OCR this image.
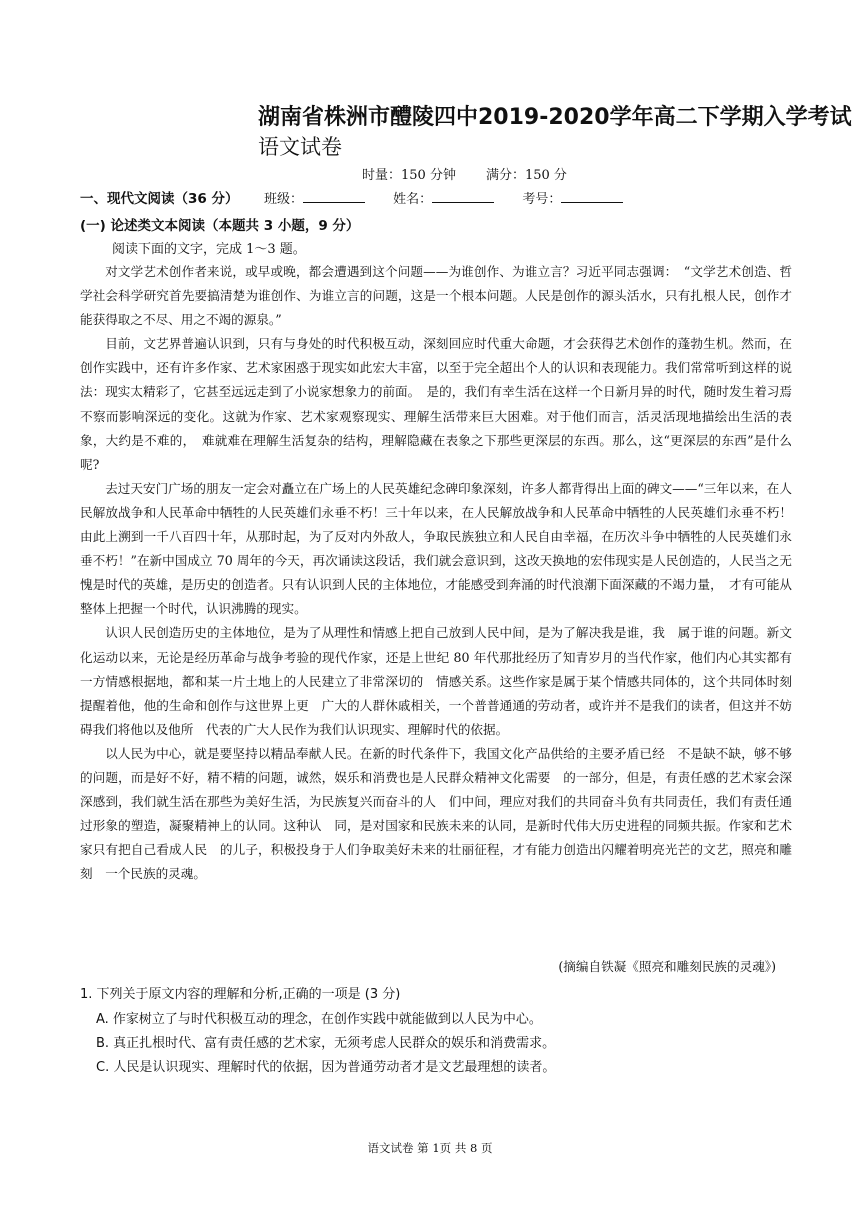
湖南省株洲市醴陵四中2019-2020学年高二下学期入学考试
语文试卷
时量：150 分钟 满分：150 分
一、现代文阅读（36 分） 班级：	姓名：	考号：
(一) 论述类文本阅读（本题共 3 小题，9 分）
阅读下面的文字，完成 1～3 题。

对文学艺术创作者来说，或早或晚，都会遭遇到这个问题——为谁创作、为谁立言？习近平同志强调：　“文学艺术创造、哲学社会科学研究首先要搞清楚为谁创作、为谁立言的问题，这是一个根本问题。人民是创作的源头活水，只有扎根人民，创作才能获得取之不尽、用之不竭的源泉。”

目前，文艺界普遍认识到，只有与身处的时代积极互动，深刻回应时代重大命题，才会获得艺术创作的蓬勃生机。然而，在创作实践中，还有许多作家、艺术家困惑于现实如此宏大丰富，以至于完全超出个人的认识和表现能力。我们常常听到这样的说法：现实太精彩了，它甚至远远走到了小说家想象力的前面。　是的，我们有幸生活在这样一个日新月异的时代，随时发生着习焉不察而影响深远的变化。这就为作家、艺术家观察现实、理解生活带来巨大困难。对于他们而言，活灵活现地描绘出生活的表象，大约是不难的，　难就难在理解生活复杂的结构，理解隐藏在表象之下那些更深层的东西。那么，这“更深层的东西”是什么呢?

去过天安门广场的朋友一定会对矗立在广场上的人民英雄纪念碑印象深刻，许多人都背得出上面的碑文——“三年以来，在人民解放战争和人民革命中牺牲的人民英雄们永垂不朽！三十年以来，在人民解放战争和人民革命中牺牲的人民英雄们永垂不朽！由此上溯到一千八百四十年，从那时起，为了反对内外敌人，争取民族独立和人民自由幸福，在历次斗争中牺牲的人民英雄们永垂不朽！”在新中国成立 70 周年的今天，再次诵读这段话，我们就会意识到，这改天换地的宏伟现实是人民创造的，人民当之无愧是时代的英雄，是历史的创造者。只有认识到人民的主体地位，才能感受到奔涌的时代浪潮下面深藏的不竭力量，　才有可能从整体上把握一个时代，认识沸腾的现实。

认识人民创造历史的主体地位，是为了从理性和情感上把自己放到人民中间，是为了解决我是谁，我　属于谁的问题。新文化运动以来，无论是经历革命与战争考验的现代作家，还是上世纪 80 年代那批经历了知青岁月的当代作家，他们内心其实都有一方情感根据地，都和某一片土地上的人民建立了非常深切的　情感关系。这些作家是属于某个情感共同体的，这个共同体时刻提醒着他，他的生命和创作与这世界上更　广大的人群休戚相关，一个普普通通的劳动者，或许并不是我们的读者，但这并不妨碍我们将他以及他所　代表的广大人民作为我们认识现实、理解时代的依据。

以人民为中心，就是要坚持以精品奉献人民。在新的时代条件下，我国文化产品供给的主要矛盾已经　不是缺不缺，够不够的问题，而是好不好，精不精的问题，诚然，娱乐和消费也是人民群众精神文化需要　的一部分，但是，有责任感的艺术家会深深感到，我们就生活在那些为美好生活，为民族复兴而奋斗的人　们中间，理应对我们的共同奋斗负有共同责任，我们有责任通过形象的塑造，凝聚精神上的认同。这种认　同，是对国家和民族未来的认同，是新时代伟大历史进程的同频共振。作家和艺术家只有把自己看成人民　的儿子，积极投身于人们争取美好未来的壮丽征程，才有能力创造出闪耀着明亮光芒的文艺，照亮和雕刻　一个民族的灵魂。

(摘编自铁凝《照亮和雕刻民族的灵魂》)
1. 下列关于原文内容的理解和分析,正确的一项是 (3 分)
A. 作家树立了与时代积极互动的理念，在创作实践中就能做到以人民为中心。
B. 真正扎根时代、富有责任感的艺术家，无须考虑人民群众的娱乐和消费需求。
C. 人民是认识现实、理解时代的依据，因为普通劳动者才是文艺最理想的读者。
语文试卷 第 1页 共 8 页
